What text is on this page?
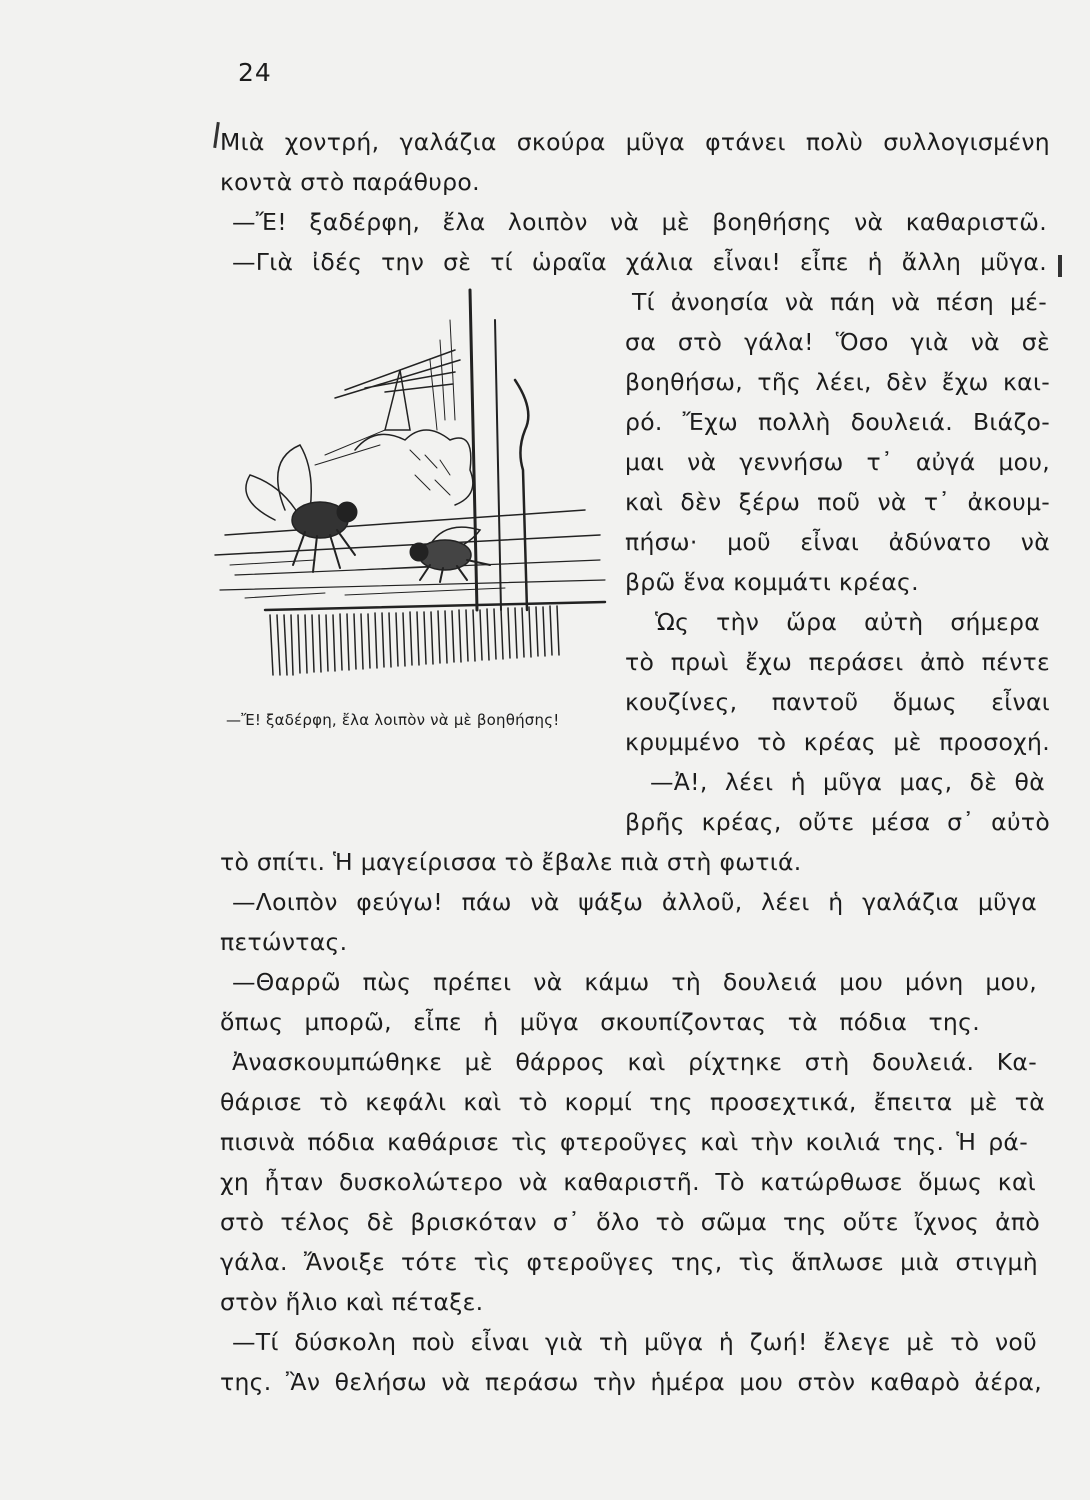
24
Μιὰ χοντρή, γαλάζια σκούρα μῦγα φτάνει πολὺ συλλογισμένη
κοντὰ στὸ παράθυρο.
—Ἔ! ξαδέρφη, ἔλα λοιπὸν νὰ μὲ βοηθήσης νὰ καθαριστῶ.
—Γιὰ ἰδές την σὲ τί ὡραῖα χάλια εἶναι! εἶπε ἡ ἄλλη μῦγα.
Τί ἀνοησία νὰ πάη νὰ πέση μέ-
σα στὸ γάλα! Ὅσο γιὰ νὰ σὲ
βοηθήσω, τῆς λέει, δὲν ἔχω και-
ρό. Ἔχω πολλὴ δουλειά. Βιάζο-
μαι νὰ γεννήσω τ᾽ αὐγά μου,
καὶ δὲν ξέρω ποῦ νὰ τ᾽ ἀκουμ-
πήσω· μοῦ εἶναι ἀδύνατο νὰ
βρῶ ἕνα κομμάτι κρέας.
Ὡς τὴν ὥρα αὐτὴ σήμερα
τὸ πρωὶ ἔχω περάσει ἀπὸ πέντε
κουζίνες, παντοῦ ὅμως εἶναι
κρυμμένο τὸ κρέας μὲ προσοχή.
—Ἀ!, λέει ἡ μῦγα μας, δὲ θὰ
βρῆς κρέας, οὔτε μέσα σ᾽ αὐτὸ
—Ἔ! ξαδέρφη, ἔλα λοιπὸν νὰ μὲ βοηθήσης!
τὸ σπίτι. Ἡ μαγείρισσα τὸ ἔβαλε πιὰ στὴ φωτιά.
—Λοιπὸν φεύγω! πάω νὰ ψάξω ἀλλοῦ, λέει ἡ γαλάζια μῦγα
πετώντας.
—Θαρρῶ πὼς πρέπει νὰ κάμω τὴ δουλειά μου μόνη μου,
ὅπως μπορῶ, εἶπε ἡ μῦγα σκουπίζοντας τὰ πόδια της.
Ἀνασκουμπώθηκε μὲ θάρρος καὶ ρίχτηκε στὴ δουλειά. Κα-
θάρισε τὸ κεφάλι καὶ τὸ κορμί της προσεχτικά, ἔπειτα μὲ τὰ
πισινὰ πόδια καθάρισε τὶς φτεροῦγες καὶ τὴν κοιλιά της. Ἡ ρά-
χη ἦταν δυσκολώτερο νὰ καθαριστῆ. Τὸ κατώρθωσε ὅμως καὶ
στὸ τέλος δὲ βρισκόταν σ᾽ ὅλο τὸ σῶμα της οὔτε ἴχνος ἀπὸ
γάλα. Ἄνοιξε τότε τὶς φτεροῦγες της, τὶς ἅπλωσε μιὰ στιγμὴ
στὸν ἥλιο καὶ πέταξε.
—Τί δύσκολη ποὺ εἶναι γιὰ τὴ μῦγα ἡ ζωή! ἔλεγε μὲ τὸ νοῦ
της. Ἂν θελήσω νὰ περάσω τὴν ἡμέρα μου στὸν καθαρὸ ἀέρα,
